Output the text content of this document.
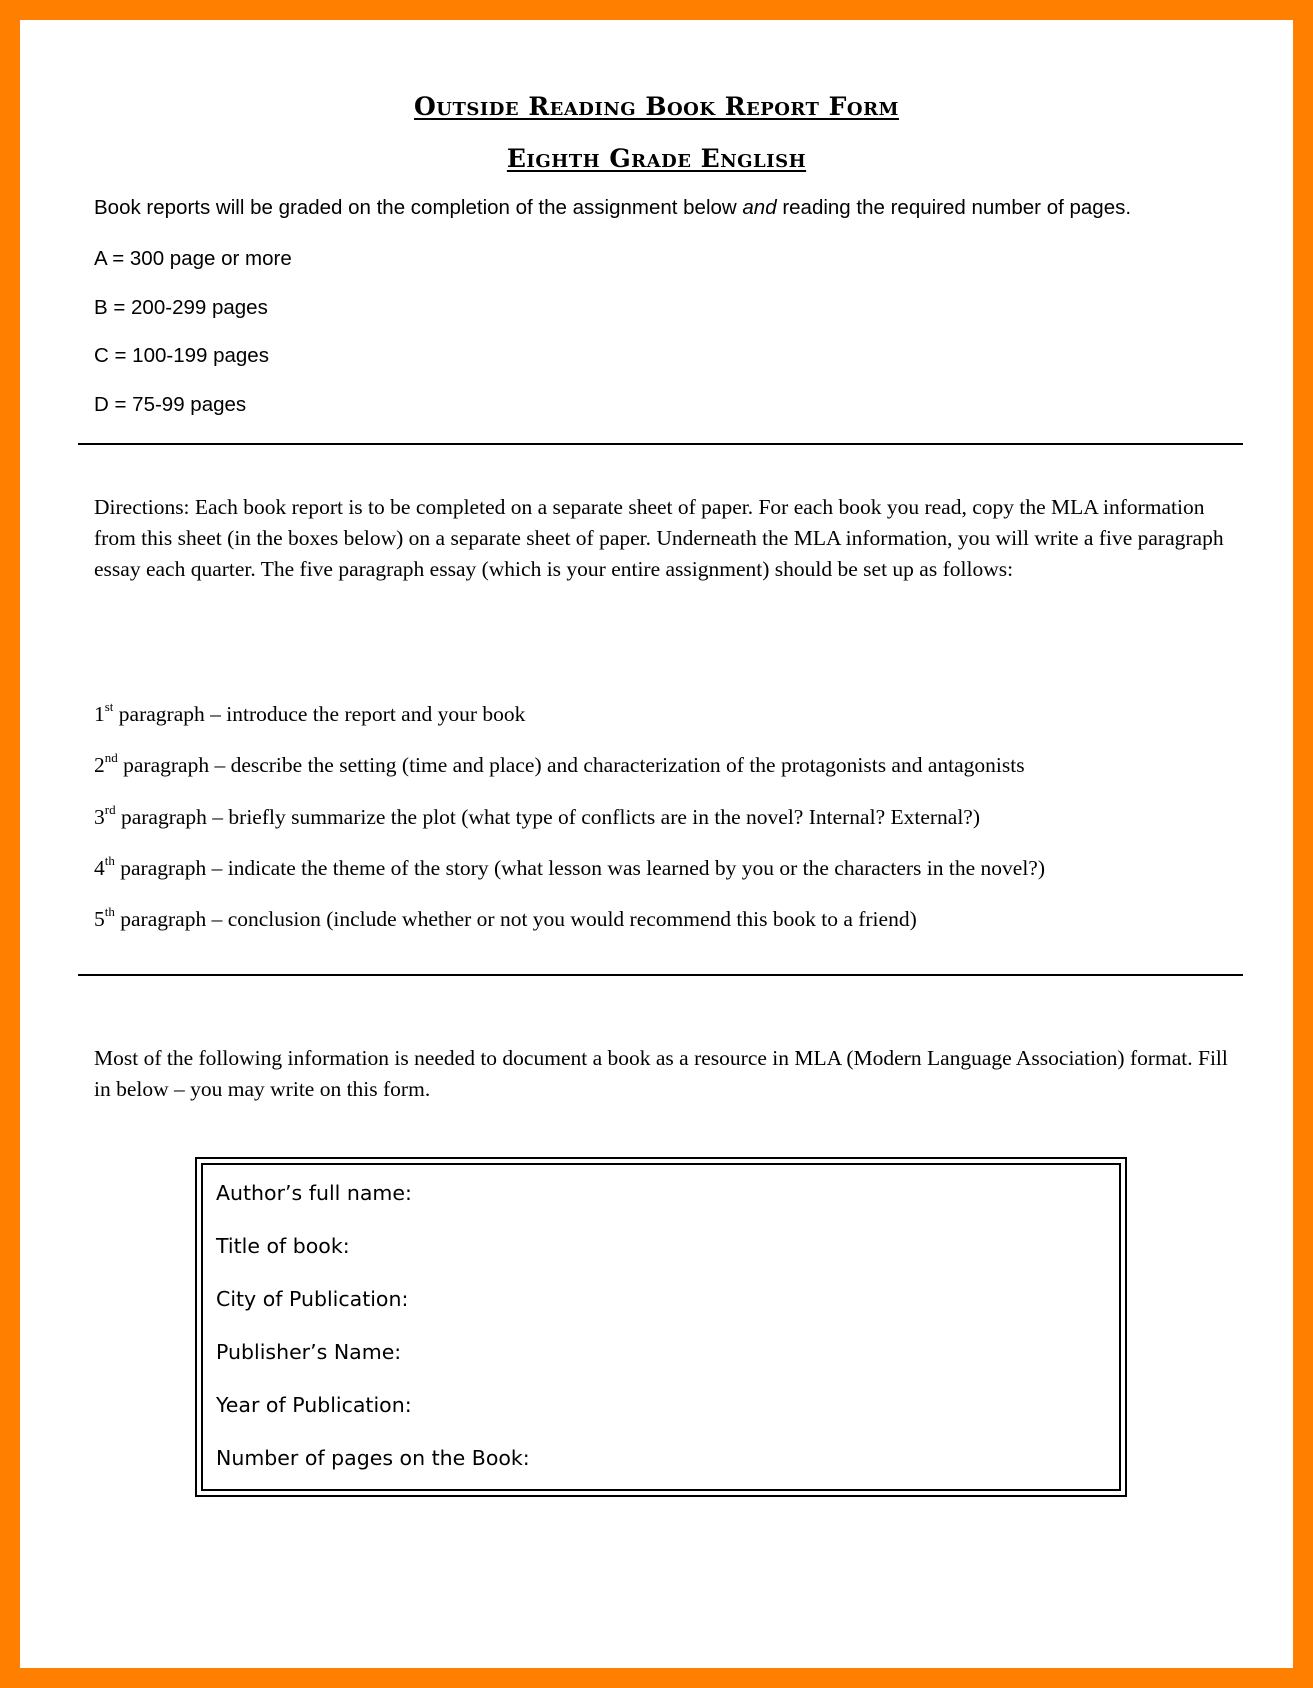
Outside Reading Book Report Form
Eighth Grade English
Book reports will be graded on the completion of the assignment below and reading the required number of pages.
A = 300 page or more
B = 200-299 pages
C = 100-199 pages
D = 75-99 pages
Directions: Each book report is to be completed on a separate sheet of paper. For each book you read, copy the MLA information from this sheet (in the boxes below) on a separate sheet of paper. Underneath the MLA information, you will write a five paragraph essay each quarter. The five paragraph essay (which is your entire assignment) should be set up as follows:
1st paragraph – introduce the report and your book
2nd paragraph – describe the setting (time and place) and characterization of the protagonists and antagonists
3rd paragraph – briefly summarize the plot (what type of conflicts are in the novel? Internal? External?)
4th paragraph – indicate the theme of the story (what lesson was learned by you or the characters in the novel?)
5th paragraph – conclusion (include whether or not you would recommend this book to a friend)
Most of the following information is needed to document a book as a resource in MLA (Modern Language Association) format. Fill in below – you may write on this form.
Author’s full name:
Title of book:
City of Publication:
Publisher’s Name:
Year of Publication:
Number of pages on the Book:
